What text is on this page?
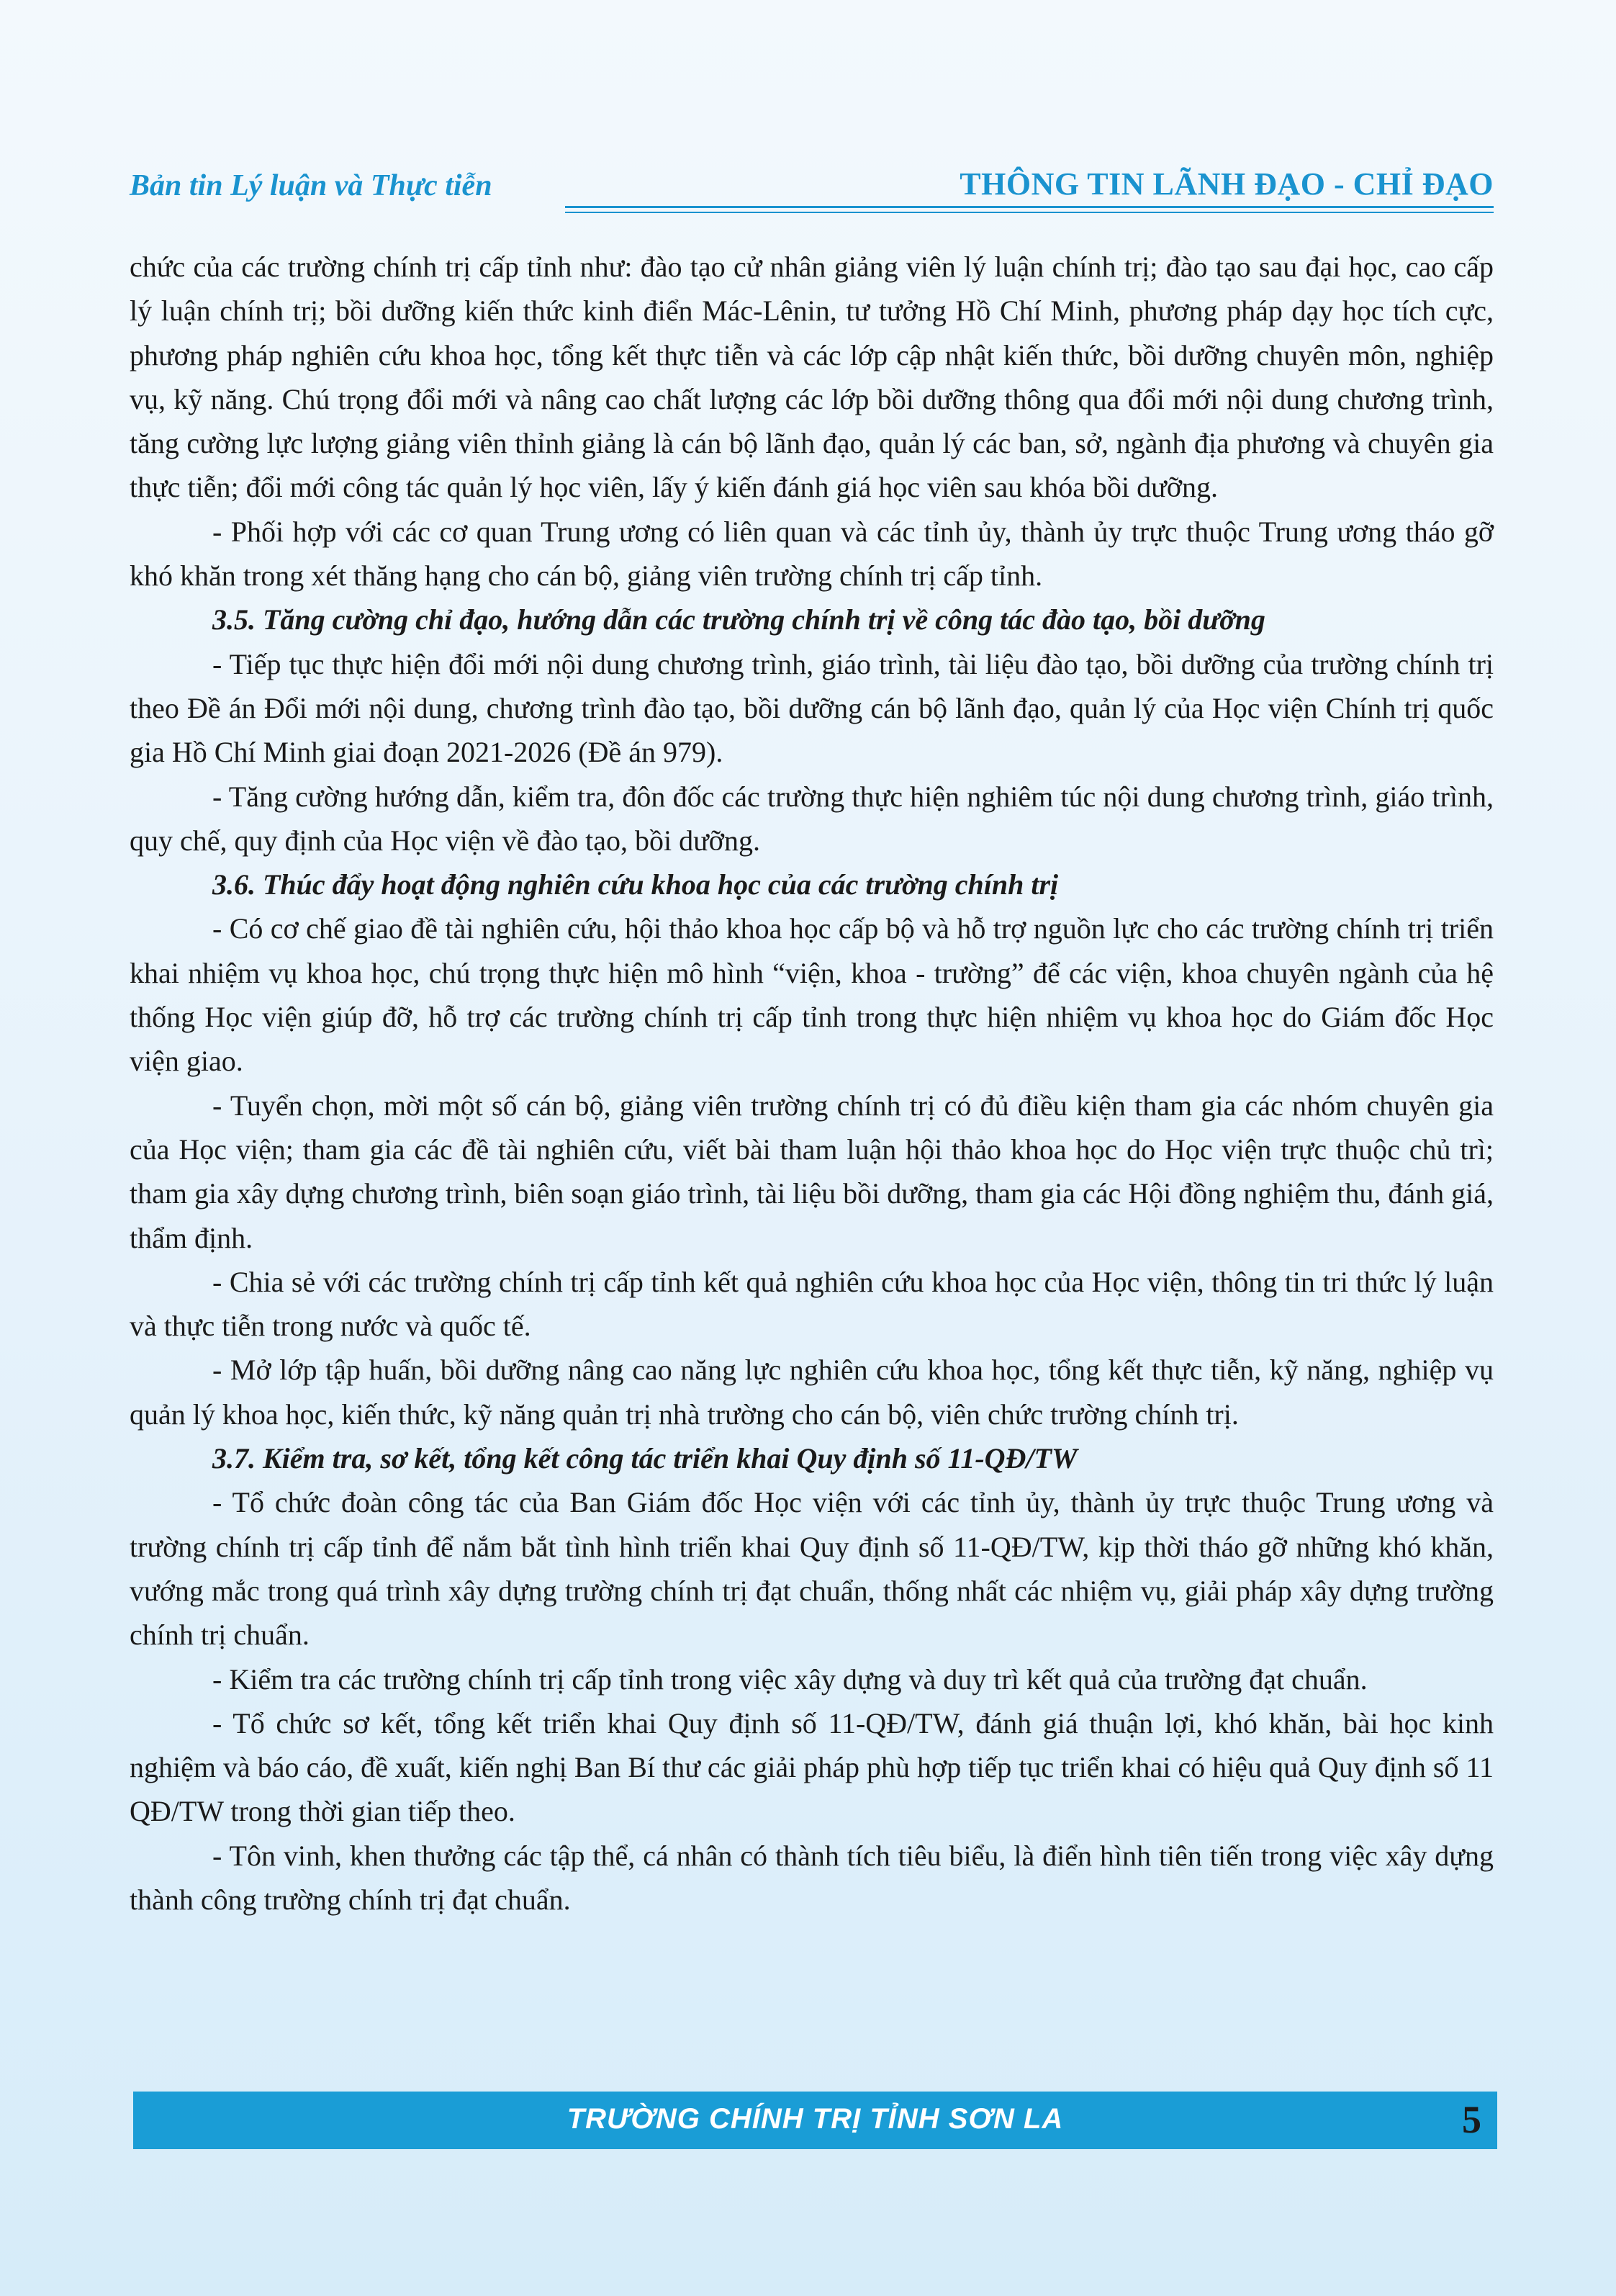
Bản tin Lý luận và Thực tiễn	THÔNG TIN LÃNH ĐẠO - CHỈ ĐẠO

chức của các trường chính trị cấp tỉnh như: đào tạo cử nhân giảng viên lý luận chính trị; đào tạo sau đại học, cao cấp lý luận chính trị; bồi dưỡng kiến thức kinh điển Mác-Lênin, tư tưởng Hồ Chí Minh, phương pháp dạy học tích cực, phương pháp nghiên cứu khoa học, tổng kết thực tiễn và các lớp cập nhật kiến thức, bồi dưỡng chuyên môn, nghiệp vụ, kỹ năng. Chú trọng đổi mới và nâng cao chất lượng các lớp bồi dưỡng thông qua đổi mới nội dung chương trình, tăng cường lực lượng giảng viên thỉnh giảng là cán bộ lãnh đạo, quản lý các ban, sở, ngành địa phương và chuyên gia thực tiễn; đổi mới công tác quản lý học viên, lấy ý kiến đánh giá học viên sau khóa bồi dưỡng.

- Phối hợp với các cơ quan Trung ương có liên quan và các tỉnh ủy, thành ủy trực thuộc Trung ương tháo gỡ khó khăn trong xét thăng hạng cho cán bộ, giảng viên trường chính trị cấp tỉnh.

3.5. Tăng cường chỉ đạo, hướng dẫn các trường chính trị về công tác đào tạo, bồi dưỡng

- Tiếp tục thực hiện đổi mới nội dung chương trình, giáo trình, tài liệu đào tạo, bồi dưỡng của trường chính trị theo Đề án Đổi mới nội dung, chương trình đào tạo, bồi dưỡng cán bộ lãnh đạo, quản lý của Học viện Chính trị quốc gia Hồ Chí Minh giai đoạn 2021-2026 (Đề án 979).

- Tăng cường hướng dẫn, kiểm tra, đôn đốc các trường thực hiện nghiêm túc nội dung chương trình, giáo trình, quy chế, quy định của Học viện về đào tạo, bồi dưỡng.

3.6. Thúc đẩy hoạt động nghiên cứu khoa học của các trường chính trị

- Có cơ chế giao đề tài nghiên cứu, hội thảo khoa học cấp bộ và hỗ trợ nguồn lực cho các trường chính trị triển khai nhiệm vụ khoa học, chú trọng thực hiện mô hình “viện, khoa - trường” để các viện, khoa chuyên ngành của hệ thống Học viện giúp đỡ, hỗ trợ các trường chính trị cấp tỉnh trong thực hiện nhiệm vụ khoa học do Giám đốc Học viện giao.

- Tuyển chọn, mời một số cán bộ, giảng viên trường chính trị có đủ điều kiện tham gia các nhóm chuyên gia của Học viện; tham gia các đề tài nghiên cứu, viết bài tham luận hội thảo khoa học do Học viện trực thuộc chủ trì; tham gia xây dựng chương trình, biên soạn giáo trình, tài liệu bồi dưỡng, tham gia các Hội đồng nghiệm thu, đánh giá, thẩm định.

- Chia sẻ với các trường chính trị cấp tỉnh kết quả nghiên cứu khoa học của Học viện, thông tin tri thức lý luận và thực tiễn trong nước và quốc tế.

- Mở lớp tập huấn, bồi dưỡng nâng cao năng lực nghiên cứu khoa học, tổng kết thực tiễn, kỹ năng, nghiệp vụ quản lý khoa học, kiến thức, kỹ năng quản trị nhà trường cho cán bộ, viên chức trường chính trị.

3.7. Kiểm tra, sơ kết, tổng kết công tác triển khai Quy định số 11-QĐ/TW

- Tổ chức đoàn công tác của Ban Giám đốc Học viện với các tỉnh ủy, thành ủy trực thuộc Trung ương và trường chính trị cấp tỉnh để nắm bắt tình hình triển khai Quy định số 11-QĐ/TW, kịp thời tháo gỡ những khó khăn, vướng mắc trong quá trình xây dựng trường chính trị đạt chuẩn, thống nhất các nhiệm vụ, giải pháp xây dựng trường chính trị chuẩn.

- Kiểm tra các trường chính trị cấp tỉnh trong việc xây dựng và duy trì kết quả của trường đạt chuẩn.

- Tổ chức sơ kết, tổng kết triển khai Quy định số 11-QĐ/TW, đánh giá thuận lợi, khó khăn, bài học kinh nghiệm và báo cáo, đề xuất, kiến nghị Ban Bí thư các giải pháp phù hợp tiếp tục triển khai có hiệu quả Quy định số 11 QĐ/TW trong thời gian tiếp theo.

- Tôn vinh, khen thưởng các tập thể, cá nhân có thành tích tiêu biểu, là điển hình tiên tiến trong việc xây dựng thành công trường chính trị đạt chuẩn.

TRƯỜNG CHÍNH TRỊ TỈNH SƠN LA	5
